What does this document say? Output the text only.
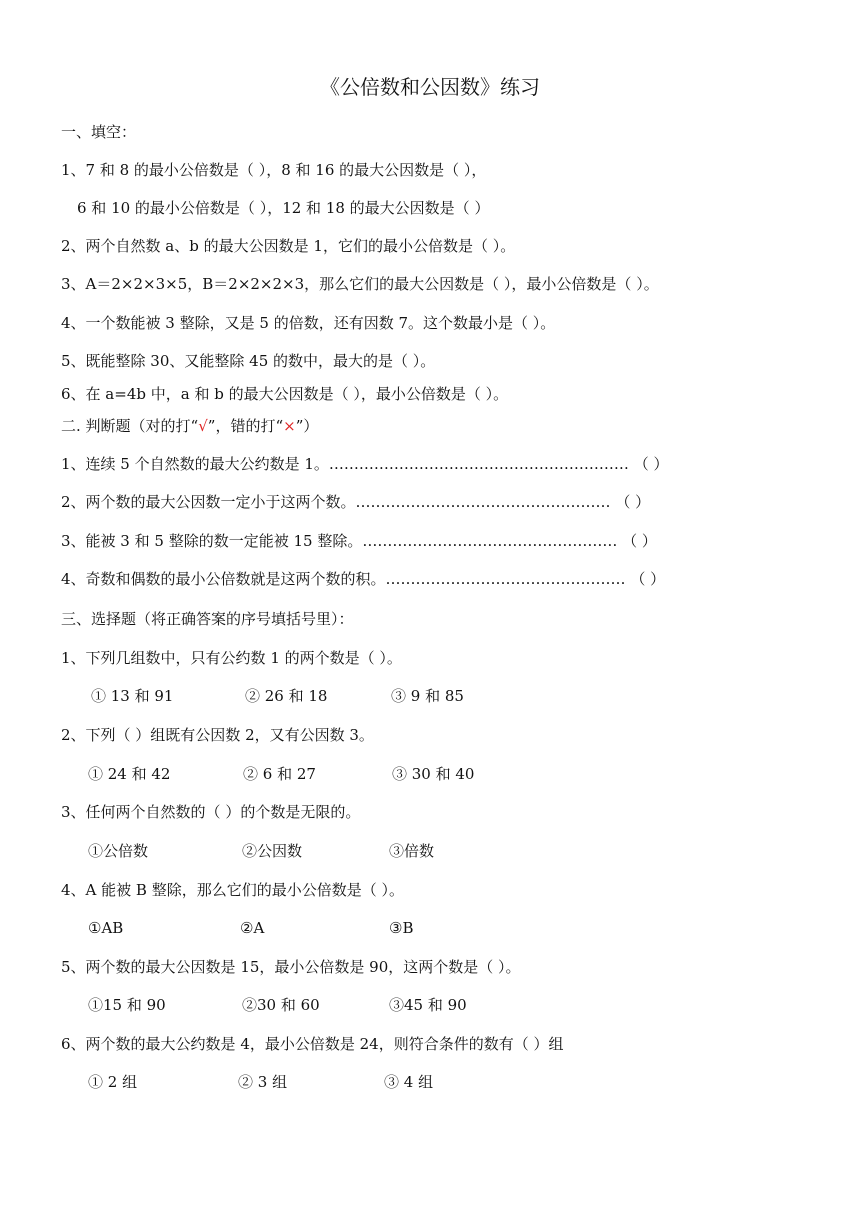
《公倍数和公因数》练习
一、填空：
1、7 和 8 的最小公倍数是（ ），8 和 16 的最大公因数是（ ），
6 和 10 的最小公倍数是（ ），12 和 18 的最大公因数是（ ）
2、两个自然数 a、b 的最大公因数是 1，它们的最小公倍数是（ ）。
3、A＝2×2×3×5，B＝2×2×2×3，那么它们的最大公因数是（ ），最小公倍数是（ ）。
4、一个数能被 3 整除，又是 5 的倍数，还有因数 7。这个数最小是（ ）。
5、既能整除 30、又能整除 45 的数中，最大的是（ ）。
6、在 a=4b 中，a 和 b 的最大公因数是（ ），最小公倍数是（ ）。
二. 判断题（对的打“√”，错的打“×”）
1、连续 5 个自然数的最大公约数是 1。…………………………………………………… （ ）
2、两个数的最大公因数一定小于这两个数。…………………………………………… （ ）
3、能被 3 和 5 整除的数一定能被 15 整除。…………………………………………… （ ）
4、奇数和偶数的最小公倍数就是这两个数的积。………………………………………… （ ）
三、选择题（将正确答案的序号填括号里）：
1、下列几组数中，只有公约数 1 的两个数是（ ）。
① 13 和 91	② 26 和 18	③ 9 和 85
2、下列（ ）组既有公因数 2，又有公因数 3。
① 24 和 42	② 6 和 27	③ 30 和 40
3、任何两个自然数的（ ）的个数是无限的。
①公倍数	②公因数	③倍数
4、A 能被 B 整除，那么它们的最小公倍数是（ ）。
①AB	②A	③B
5、两个数的最大公因数是 15，最小公倍数是 90，这两个数是（ ）。
①15 和 90	②30 和 60	③45 和 90
6、两个数的最大公约数是 4，最小公倍数是 24，则符合条件的数有（ ）组
① 2 组	② 3 组	③ 4 组
